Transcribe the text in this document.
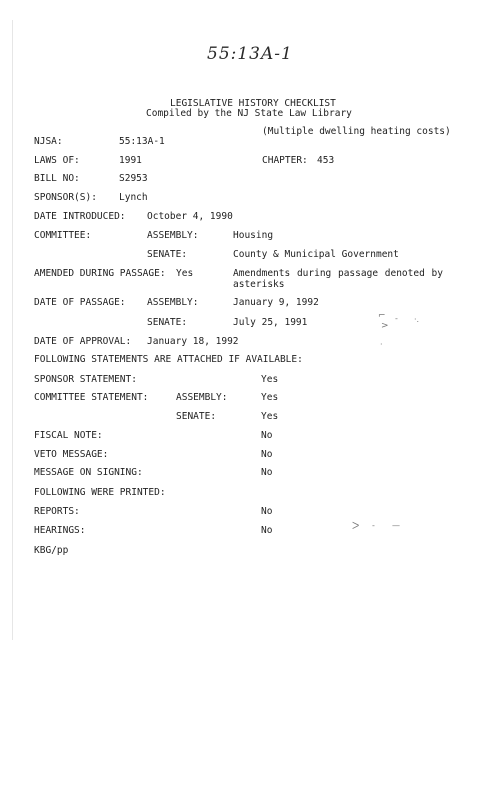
55:13A-1
LEGISLATIVE HISTORY CHECKLIST
Compiled by the NJ State Law Library
(Multiple dwelling heating costs)
NJSA:	55:13A-1
LAWS OF:	1991	CHAPTER: 453
BILL NO:	S2953
SPONSOR(S): Lynch
DATE INTRODUCED: October 4, 1990
COMMITTEE:	ASSEMBLY:	Housing
SENATE:	County & Municipal Government
AMENDED DURING PASSAGE: Yes	Amendments during passage denoted by asterisks
DATE OF PASSAGE: ASSEMBLY:	January 9, 1992
SENATE:	July 25, 1991
DATE OF APPROVAL: January 18, 1992
FOLLOWING STATEMENTS ARE ATTACHED IF AVAILABLE:
SPONSOR STATEMENT:	Yes
COMMITTEE STATEMENT:	ASSEMBLY:	Yes
SENATE:	Yes
FISCAL NOTE:	No
VETO MESSAGE:	No
MESSAGE ON SIGNING:	No
FOLLOWING WERE PRINTED:
REPORTS:	No
HEARINGS:	No
KBG/pp
⌐
>
- ·.
·
ᐳ - —
